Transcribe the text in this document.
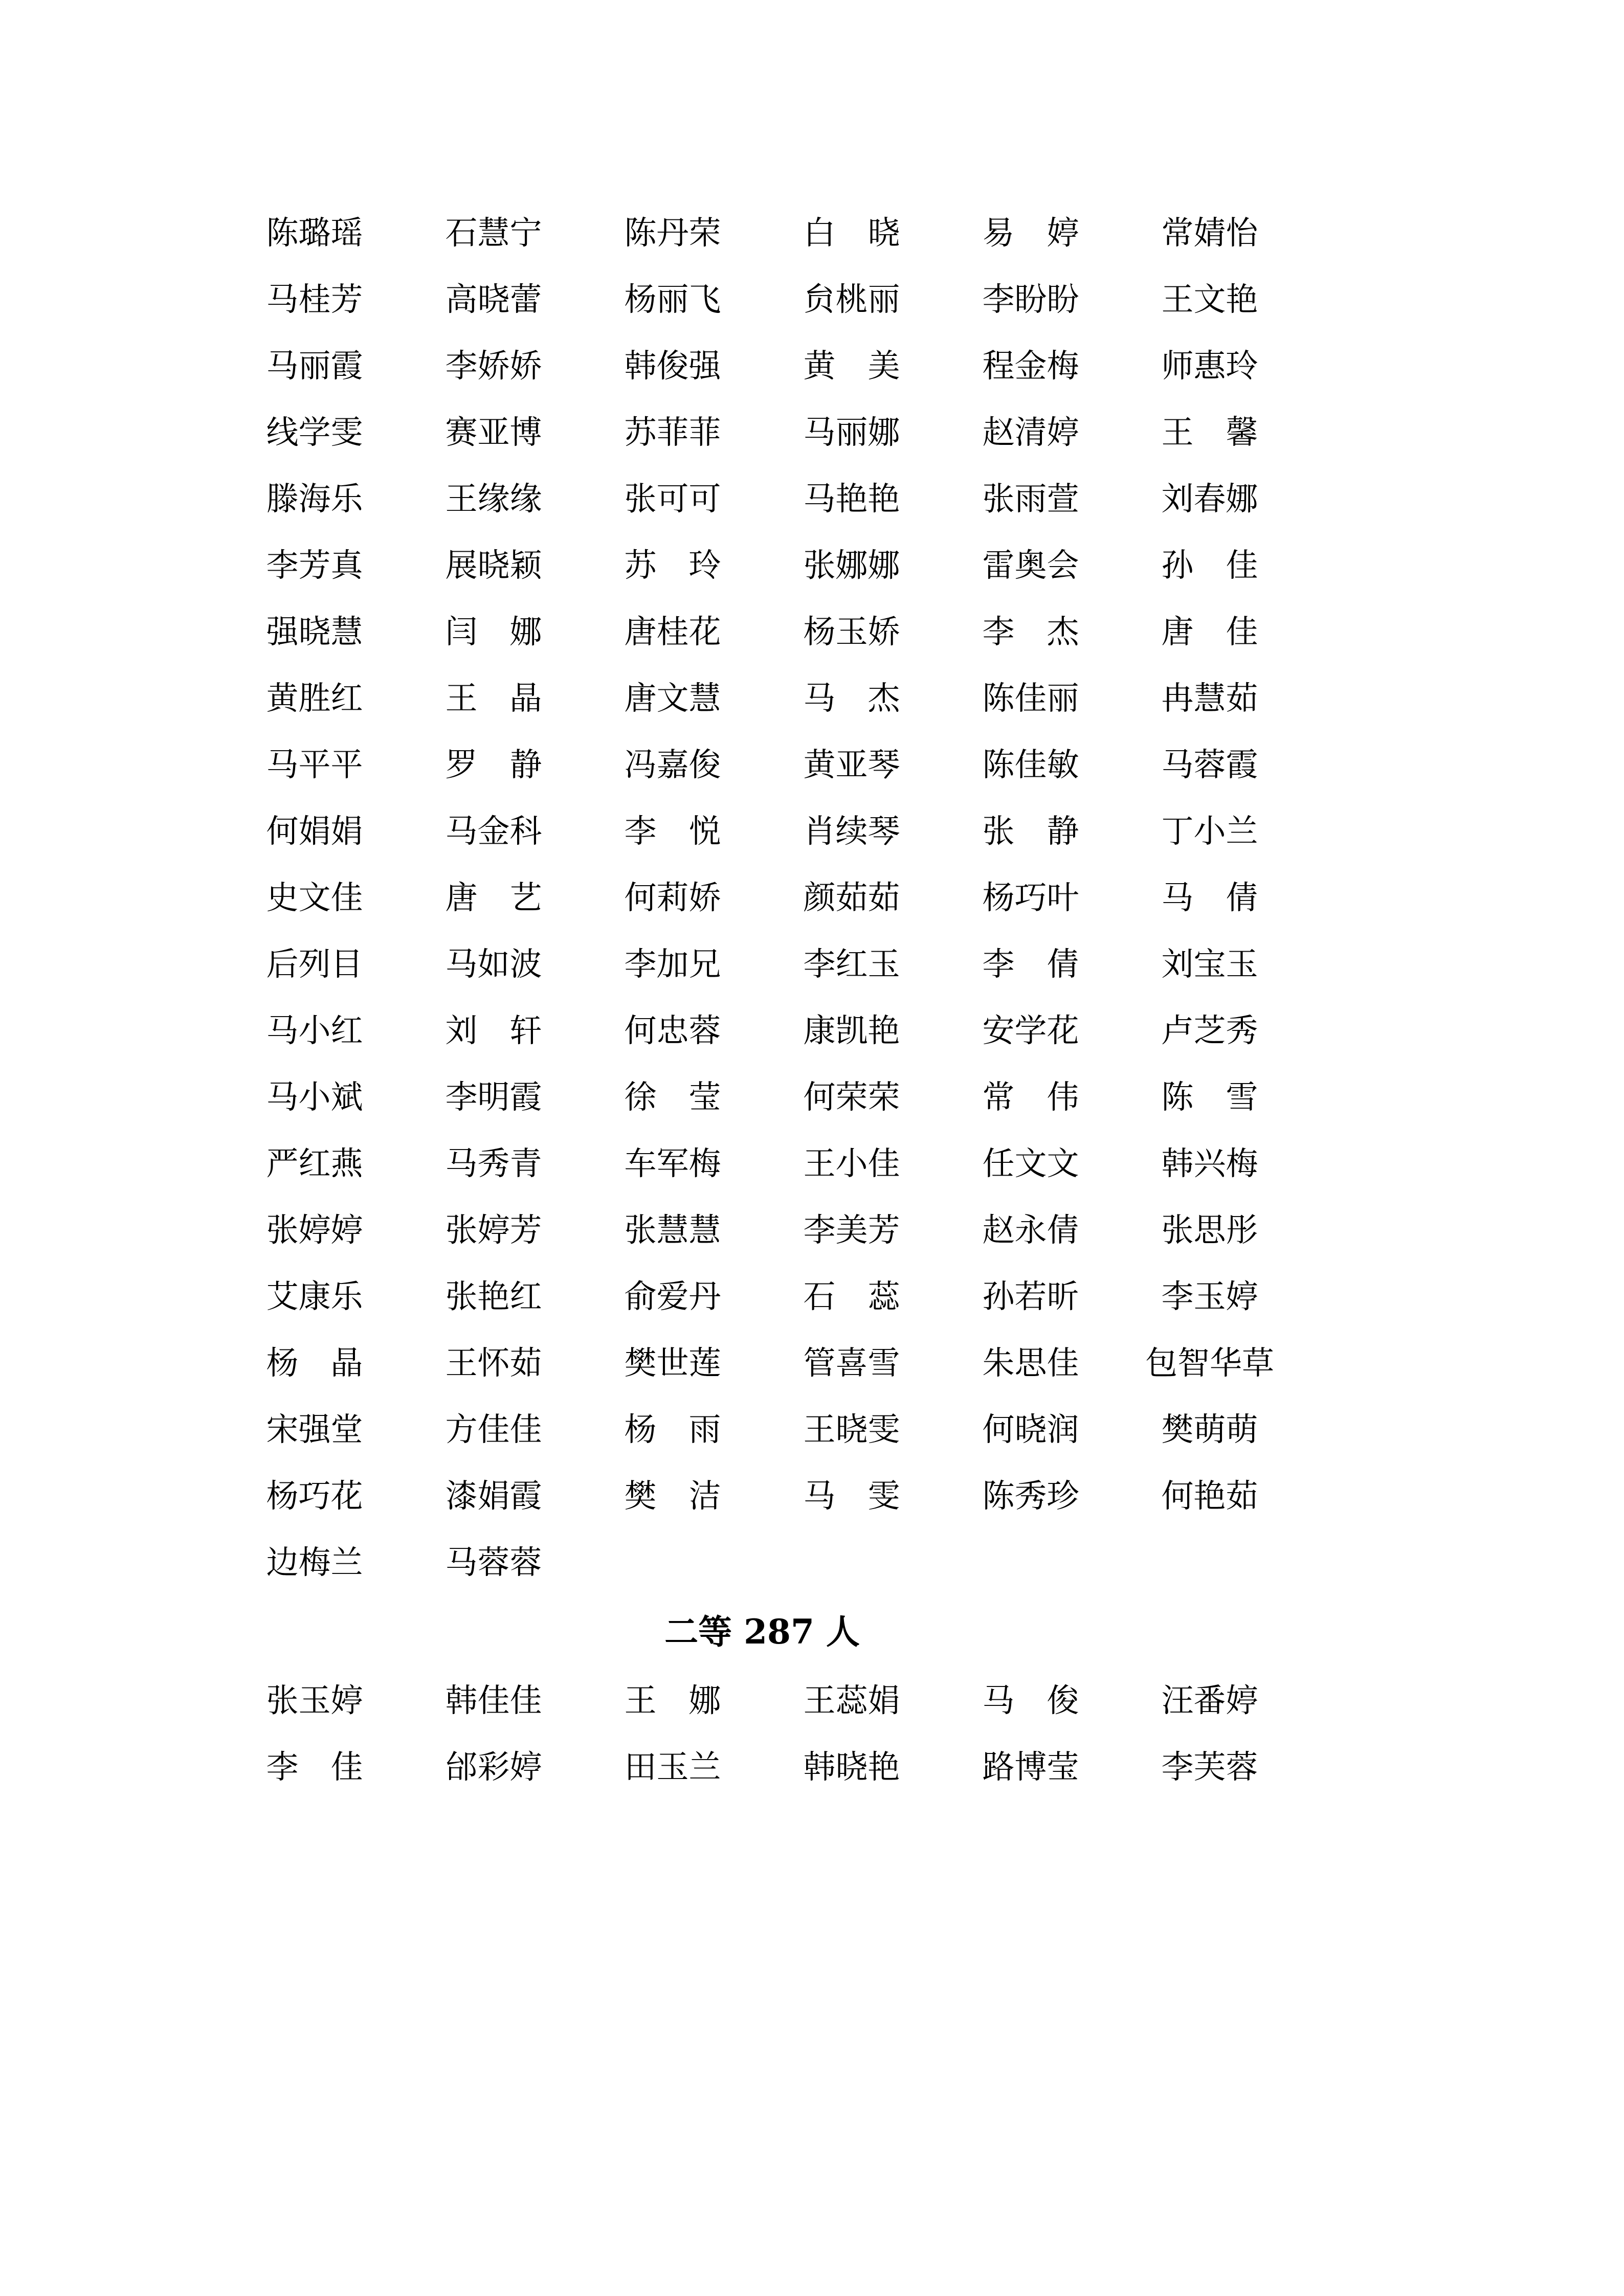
陈璐瑶	石慧宁	陈丹荣	白　晓	易　婷	常婧怡
马桂芳	高晓蕾	杨丽飞	贠桃丽	李盼盼	王文艳
马丽霞	李娇娇	韩俊强	黄　美	程金梅	师惠玲
线学雯	赛亚博	苏菲菲	马丽娜	赵清婷	王　馨
滕海乐	王缘缘	张可可	马艳艳	张雨萱	刘春娜
李芳真	展晓颖	苏　玲	张娜娜	雷奥会	孙　佳
强晓慧	闫　娜	唐桂花	杨玉娇	李　杰	唐　佳
黄胜红	王　晶	唐文慧	马　杰	陈佳丽	冉慧茹
马平平	罗　静	冯嘉俊	黄亚琴	陈佳敏	马蓉霞
何娟娟	马金科	李　悦	肖续琴	张　静	丁小兰
史文佳	唐　艺	何莉娇	颜茹茹	杨巧叶	马　倩
后列目	马如波	李加兄	李红玉	李　倩	刘宝玉
马小红	刘　轩	何忠蓉	康凯艳	安学花	卢芝秀
马小斌	李明霞	徐　莹	何荣荣	常　伟	陈　雪
严红燕	马秀青	车军梅	王小佳	任文文	韩兴梅
张婷婷	张婷芳	张慧慧	李美芳	赵永倩	张思彤
艾康乐	张艳红	俞爱丹	石　蕊	孙若昕	李玉婷
杨　晶	王怀茹	樊世莲	管喜雪	朱思佳	包智华草
宋强堂	方佳佳	杨　雨	王晓雯	何晓润	樊萌萌
杨巧花	漆娟霞	樊　洁	马　雯	陈秀珍	何艳茹
边梅兰	马蓉蓉				
二等 287 人
张玉婷	韩佳佳	王　娜	王蕊娟	马　俊	汪番婷
李　佳	邰彩婷	田玉兰	韩晓艳	路博莹	李芙蓉
